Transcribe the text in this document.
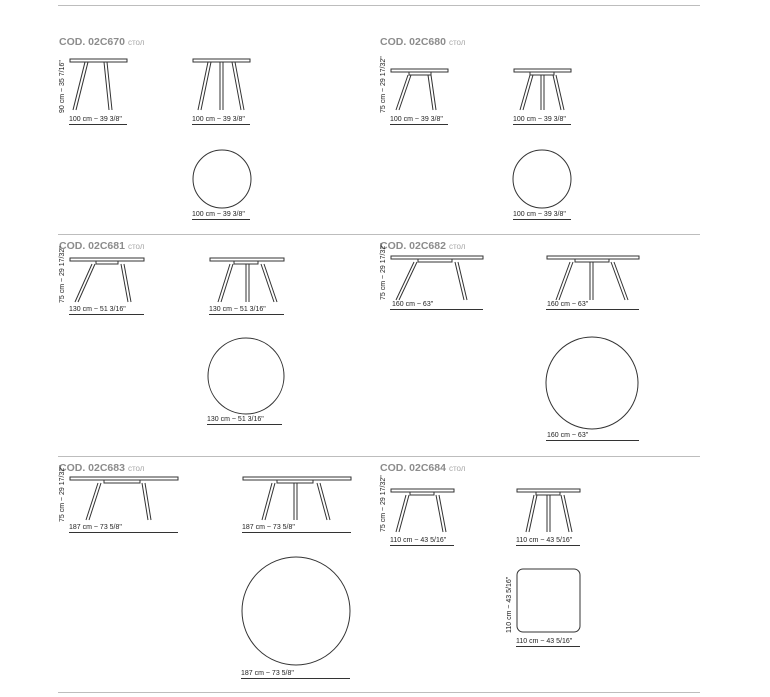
COD. 02C670 стол	COD. 02C680 стол
COD. 02C681 стол	COD. 02C682 стол
COD. 02C683 стол	COD. 02C684 стол
90 cm ~ 35 7/16"
100 cm ~ 39 3/8"	100 cm ~ 39 3/8"
100 cm ~ 39 3/8"
75 cm ~ 29 17/32"
100 cm ~ 39 3/8"	100 cm ~ 39 3/8"
100 cm ~ 39 3/8"
75 cm ~ 29 17/32"
130 cm ~ 51 3/16"	130 cm ~ 51 3/16"
130 cm ~ 51 3/16"
75 cm ~ 29 17/32"
160 cm ~ 63"	160 cm ~ 63"
160 cm ~ 63"
75 cm ~ 29 17/32"
187 cm ~ 73 5/8"	187 cm ~ 73 5/8"
187 cm ~ 73 5/8"
75 cm ~ 29 17/32"
110 cm ~ 43 5/16"	110 cm ~ 43 5/16"
110 cm ~ 43 5/16"
110 cm ~ 43 5/16"
